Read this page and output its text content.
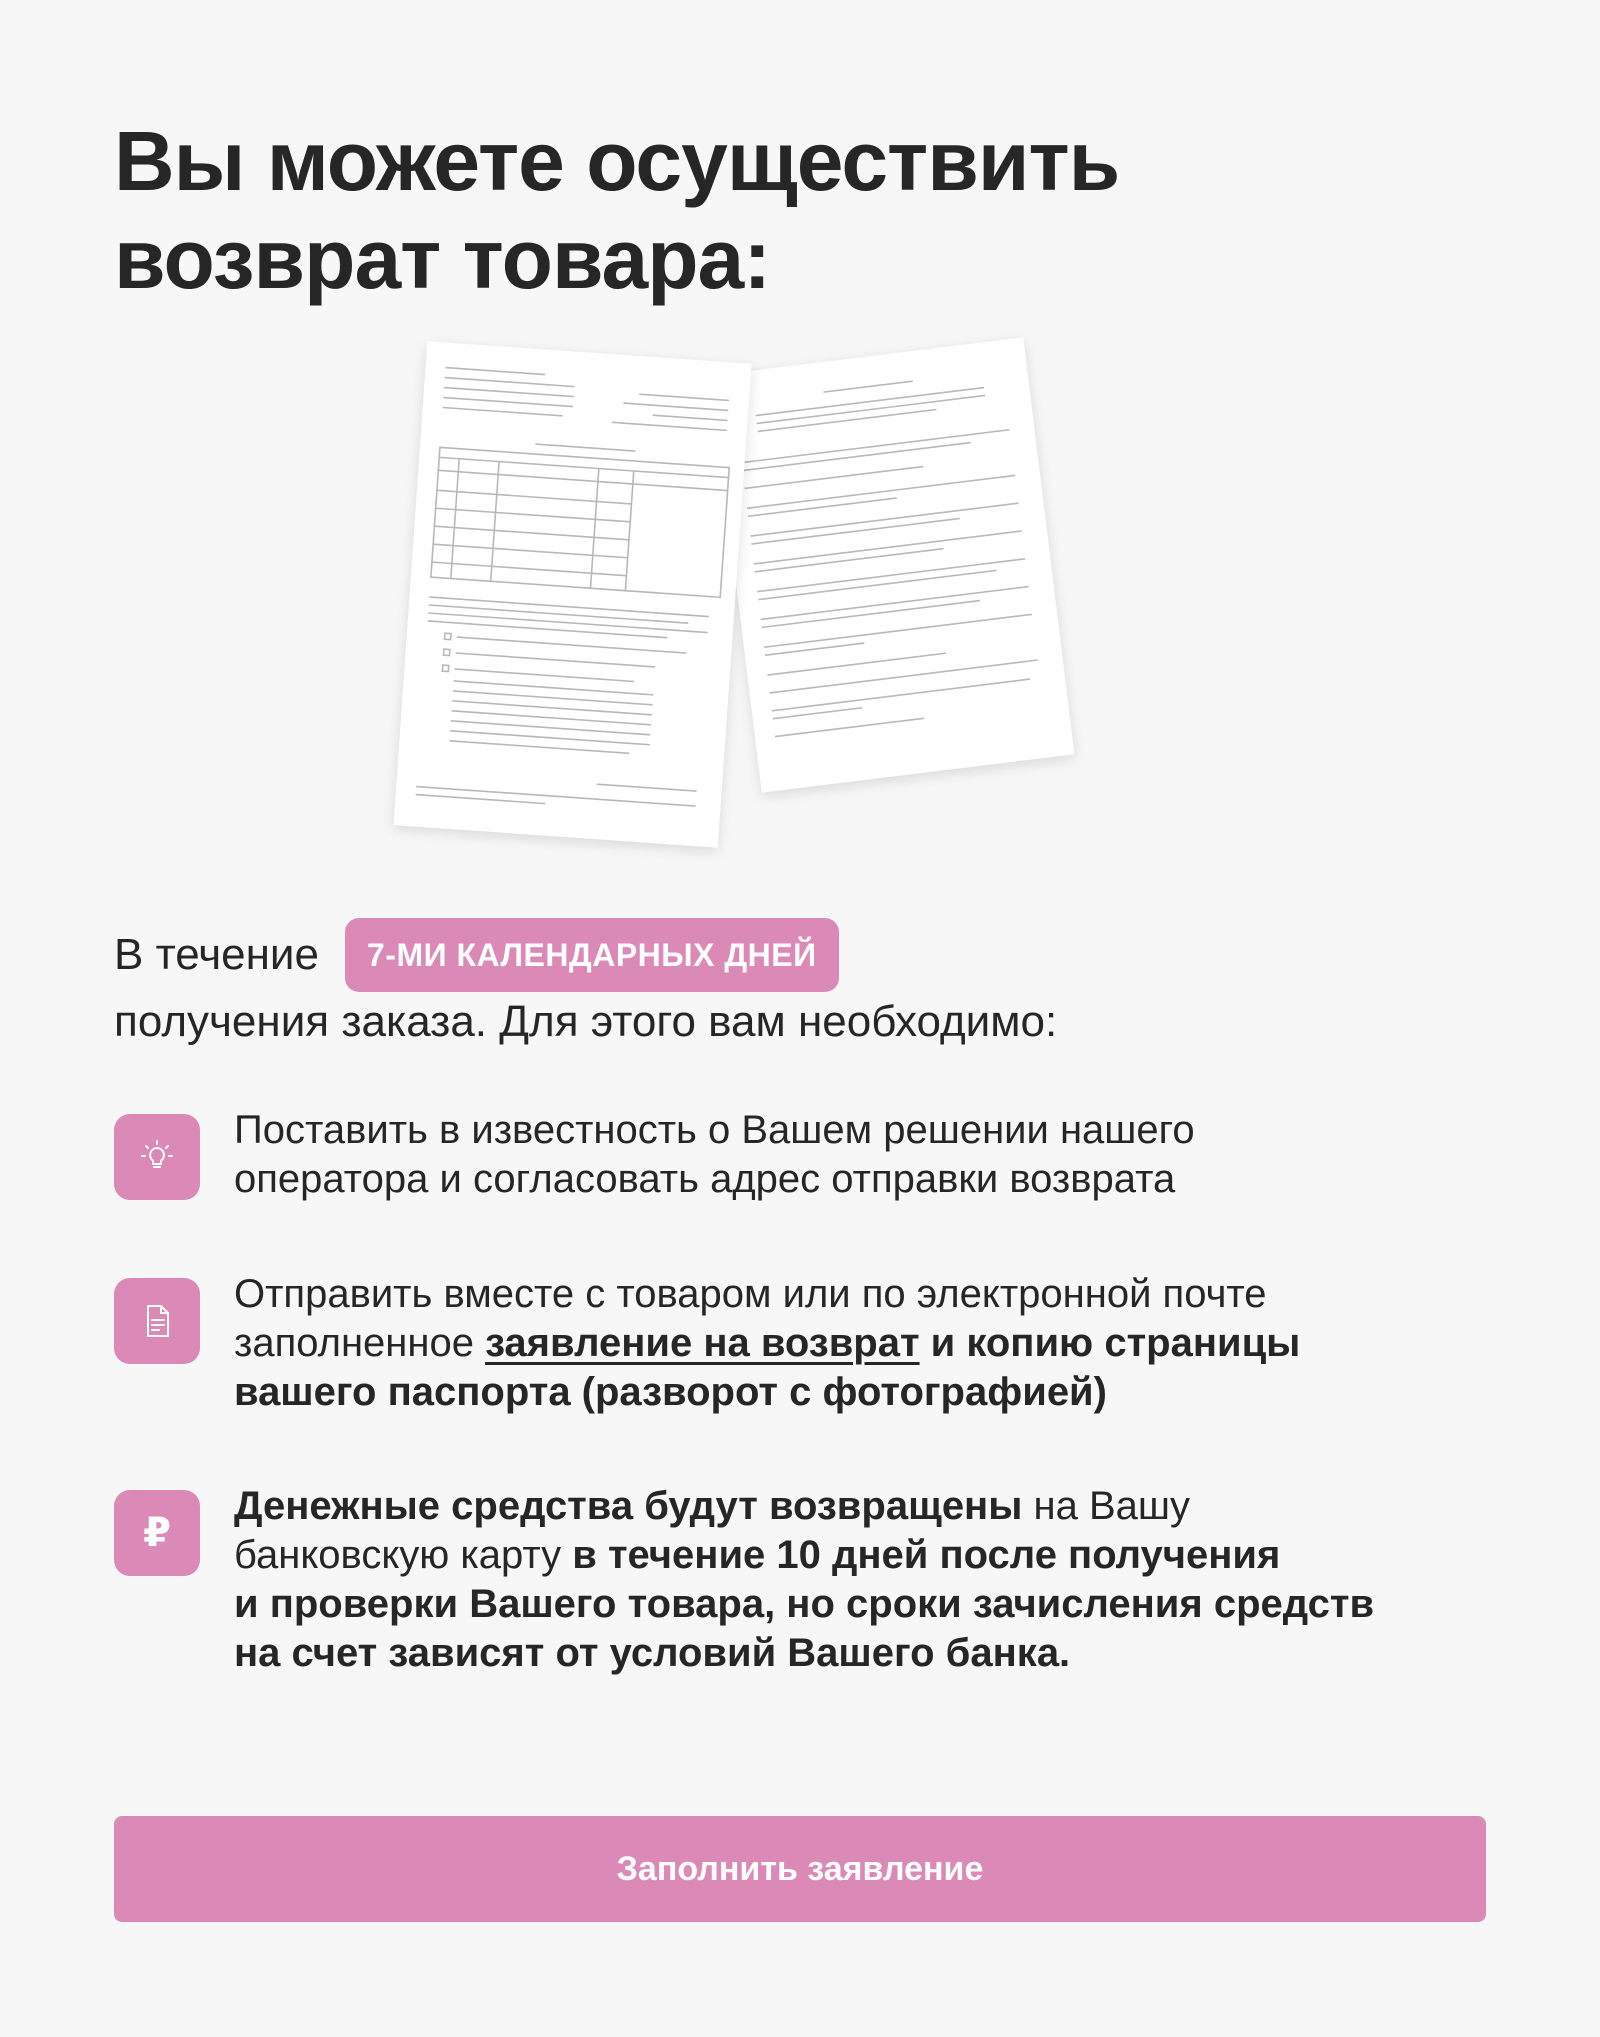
Вы можете осуществить
возврат товара:
В течение	7-МИ КАЛЕНДАРНЫХ ДНЕЙ
получения заказа. Для этого вам необходимо:
Поставить в известность о Вашем решении нашего
оператора и согласовать адрес отправки возврата
Отправить вместе с товаром или по электронной почте
заполненное заявление на возврат и копию страницы
вашего паспорта (разворот с фотографией)
₽
Денежные средства будут возвращены на Вашу
банковскую карту в течение 10 дней после получения
и проверки Вашего товара, но сроки зачисления средств
на счет зависят от условий Вашего банка.
Заполнить заявление
